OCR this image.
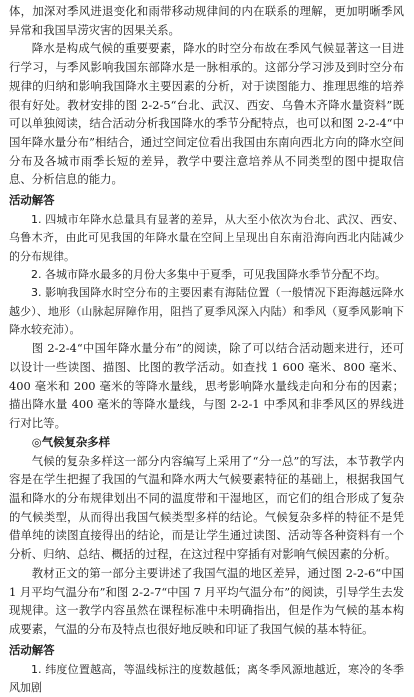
体，加深对季风进退变化和雨带移动规律间的内在联系的理解，更加明晰季风异常和我国旱涝灾害的因果关系。

降水是构成气候的重要要素，降水的时空分布故在季风气候显著这一目进行学习，与季风影响我国东部降水是一脉相承的。这部分学习涉及到时空分布规律的归纳和影响我国降水主要因素的分析，对于读图能力、推理思维的培养很有好处。教材安排的图 2-2-5“台北、武汉、西安、乌鲁木齐降水量资料”既可以单独阅读，结合活动分析我国降水的季节分配特点，也可以和图 2-2-4“中国年降水量分布”相结合，通过空间定位看出我国由东南向西北方向的降水空间分布及各城市雨季长短的差异，教学中要注意培养从不同类型的图中提取信息、分析信息的能力。

活动解答

1. 四城市年降水总量具有显著的差异，从大至小依次为台北、武汉、西安、乌鲁木齐，由此可见我国的年降水量在空间上呈现出自东南沿海向西北内陆减少的分布规律。

2. 各城市降水最多的月份大多集中于夏季，可见我国降水季节分配不均。

3. 影响我国降水时空分布的主要因素有海陆位置（一般情况下距海越远降水越少）、地形（山脉起屏障作用，阻挡了夏季风深入内陆）和季风（夏季风影响下降水较充沛）。

图 2-2-4“中国年降水量分布”的阅读，除了可以结合活动题来进行，还可以设计一些读图、描图、比图的教学活动。如查找 1 600 毫米、800 毫米、400 毫米和 200 毫米的等降水量线，思考影响降水量线走向和分布的因素；描出降水量 400 毫米的等降水量线，与图 2-2-1 中季风和非季风区的界线进行对比等。

◎气候复杂多样

气候的复杂多样这一部分内容编写上采用了“分一总”的写法，本节教学内容是在学生把握了我国的气温和降水两大气候要素特征的基础上，根据我国气温和降水的分布规律划出不同的温度带和干湿地区，而它们的组合形成了复杂的气候类型，从而得出我国气候类型多样的结论。气候复杂多样的特征不是凭借单纯的读图直接得出的结论，而是让学生通过读图、活动等各种资料有一个分析、归纳、总结、概括的过程，在这过程中穿插有对影响气候因素的分析。

教材正文的第一部分主要讲述了我国气温的地区差异，通过图 2-2-6“中国 1 月平均气温分布”和图 2-2-7“中国 7 月平均气温分布”的阅读，引导学生去发现规律。这一教学内容虽然在课程标准中未明确指出，但是作为气候的基本构成要素，气温的分布及特点也很好地反映和印证了我国气候的基本特征。

活动解答

1. 纬度位置越高，等温线标注的度数越低；离冬季风源地越近，寒冷的冬季风加剧
